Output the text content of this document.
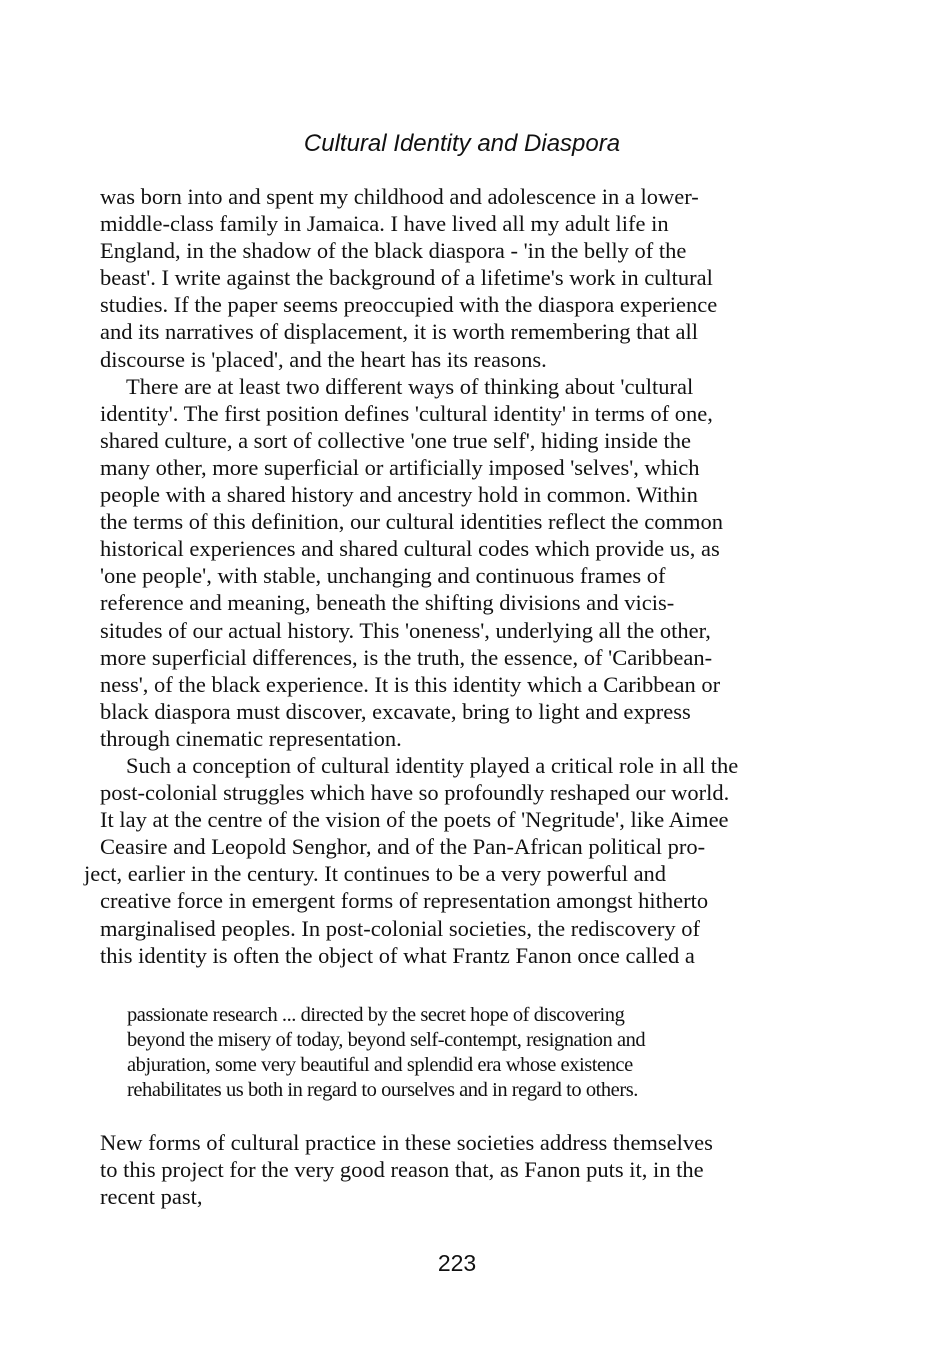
Cultural Identity and Diaspora
was born into and spent my childhood and adolescence in a lower-
middle-class family in Jamaica. I have lived all my adult life in
England, in the shadow of the black diaspora - 'in the belly of the
beast'. I write against the background of a lifetime's work in cultural
studies. If the paper seems preoccupied with the diaspora experience
and its narratives of displacement, it is worth remembering that all
discourse is 'placed', and the heart has its reasons.
There are at least two different ways of thinking about 'cultural
identity'. The first position defines 'cultural identity' in terms of one,
shared culture, a sort of collective 'one true self', hiding inside the
many other, more superficial or artificially imposed 'selves', which
people with a shared history and ancestry hold in common. Within
the terms of this definition, our cultural identities reflect the common
historical experiences and shared cultural codes which provide us, as
'one people', with stable, unchanging and continuous frames of
reference and meaning, beneath the shifting divisions and vicis-
situdes of our actual history. This 'oneness', underlying all the other,
more superficial differences, is the truth, the essence, of 'Caribbean-
ness', of the black experience. It is this identity which a Caribbean or
black diaspora must discover, excavate, bring to light and express
through cinematic representation.
Such a conception of cultural identity played a critical role in all the
post-colonial struggles which have so profoundly reshaped our world.
It lay at the centre of the vision of the poets of 'Negritude', like Aimee
Ceasire and Leopold Senghor, and of the Pan-African political pro-
ject, earlier in the century. It continues to be a very powerful and
creative force in emergent forms of representation amongst hitherto
marginalised peoples. In post-colonial societies, the rediscovery of
this identity is often the object of what Frantz Fanon once called a
passionate research ... directed by the secret hope of discovering
beyond the misery of today, beyond self-contempt, resignation and
abjuration, some very beautiful and splendid era whose existence
rehabilitates us both in regard to ourselves and in regard to others.
New forms of cultural practice in these societies address themselves
to this project for the very good reason that, as Fanon puts it, in the
recent past,
223
